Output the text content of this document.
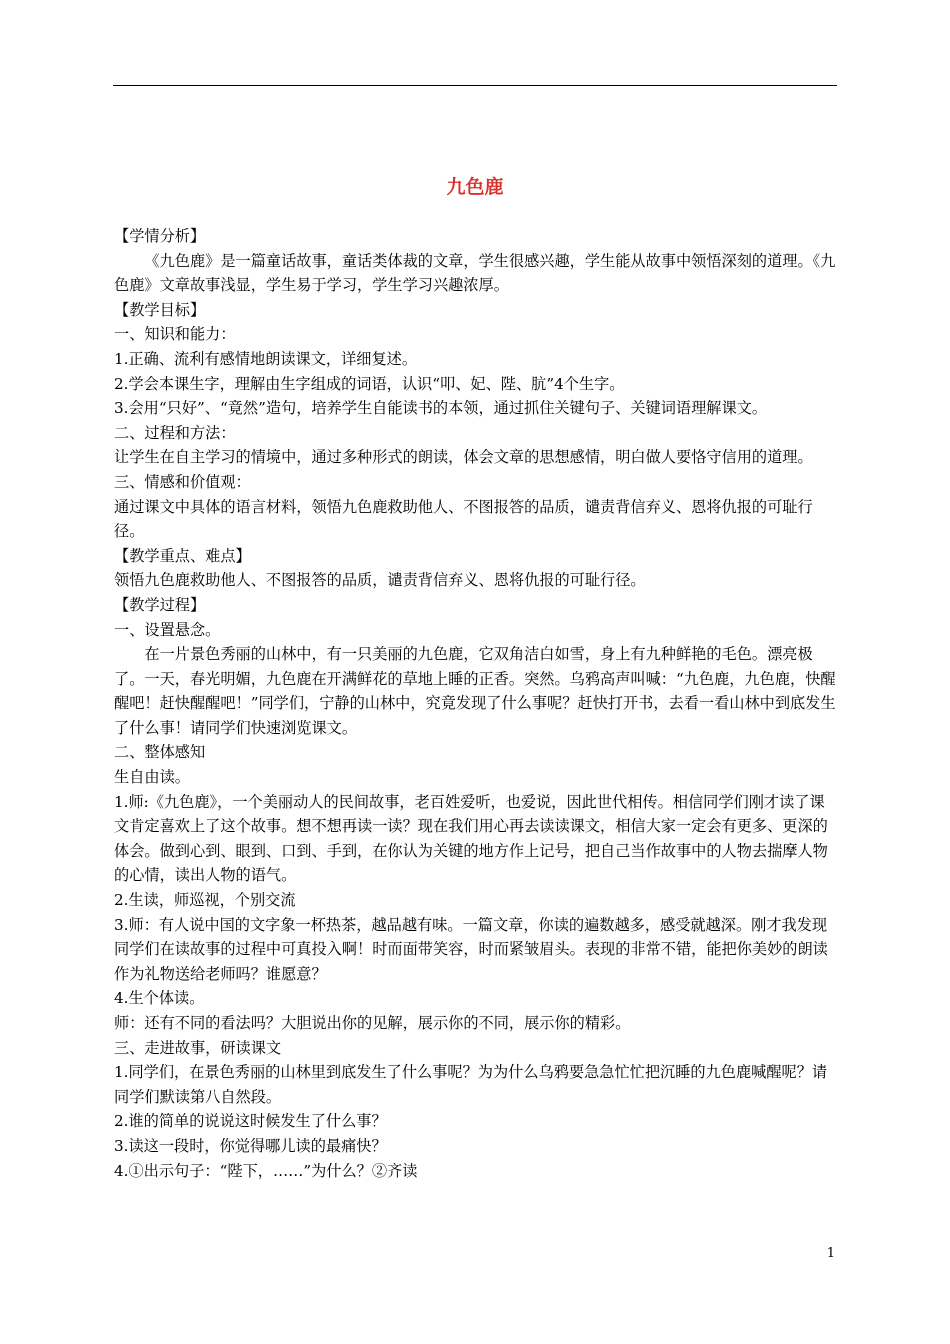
九色鹿

【学情分析】

《九色鹿》是一篇童话故事，童话类体裁的文章，学生很感兴趣，学生能从故事中领悟深刻的道理。《九色鹿》文章故事浅显，学生易于学习，学生学习兴趣浓厚。

【教学目标】

一、知识和能力：

1.正确、流利有感情地朗读课文，详细复述。

2.学会本课生字，理解由生字组成的词语，认识“叩、妃、陛、肮”4个生字。

3.会用“只好”、“竟然”造句，培养学生自能读书的本领，通过抓住关键句子、关键词语理解课文。

二、过程和方法：

让学生在自主学习的情境中，通过多种形式的朗读，体会文章的思想感情，明白做人要恪守信用的道理。

三、情感和价值观：

通过课文中具体的语言材料，领悟九色鹿救助他人、不图报答的品质，谴责背信弃义、恩将仇报的可耻行径。

【教学重点、难点】

领悟九色鹿救助他人、不图报答的品质，谴责背信弃义、恩将仇报的可耻行径。

【教学过程】

一、设置悬念。

在一片景色秀丽的山林中，有一只美丽的九色鹿，它双角洁白如雪，身上有九种鲜艳的毛色。漂亮极了。一天，春光明媚，九色鹿在开满鲜花的草地上睡的正香。突然。乌鸦高声叫喊：“九色鹿，九色鹿，快醒醒吧！赶快醒醒吧！”同学们，宁静的山林中，究竟发现了什么事呢？赶快打开书，去看一看山林中到底发生了什么事！请同学们快速浏览课文。

二、整体感知

生自由读。

1.师:《九色鹿》，一个美丽动人的民间故事，老百姓爱听，也爱说，因此世代相传。相信同学们刚才读了课文肯定喜欢上了这个故事。想不想再读一读？现在我们用心再去读读课文，相信大家一定会有更多、更深的体会。做到心到、眼到、口到、手到，在你认为关键的地方作上记号，把自己当作故事中的人物去揣摩人物的心情，读出人物的语气。

2.生读，师巡视，个别交流

3.师：有人说中国的文字象一杯热茶，越品越有味。一篇文章，你读的遍数越多，感受就越深。刚才我发现同学们在读故事的过程中可真投入啊！时而面带笑容，时而紧皱眉头。表现的非常不错，能把你美妙的朗读作为礼物送给老师吗？谁愿意？

4.生个体读。

师：还有不同的看法吗？大胆说出你的见解，展示你的不同，展示你的精彩。

三、走进故事，研读课文

1.同学们，在景色秀丽的山林里到底发生了什么事呢？为为什么乌鸦要急急忙忙把沉睡的九色鹿喊醒呢？请同学们默读第八自然段。

2.谁的简单的说说这时候发生了什么事？

3.读这一段时，你觉得哪儿读的最痛快？

4.①出示句子：“陛下，……”为什么？②齐读

1
